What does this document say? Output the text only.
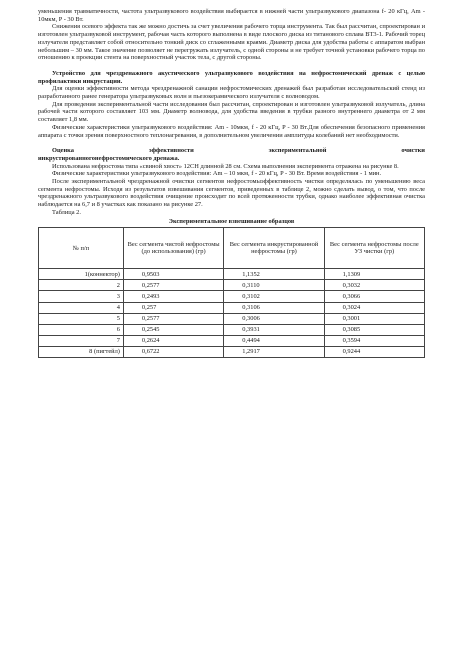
уменьшения травматичности, частота ультразвукового воздействия выбирается в нижней части ультразвукового диапазона f- 20 кГц, Am - 10мкм, P - 30 Вт.

Снижения осевого эффекта так же можно достичь за счет увеличения рабочего торца инструмента. Так был рассчитан, спроектирован и изготовлен ультразвуковой инструмент, рабочая часть которого выполнена в виде плоского диска из титанового сплава ВТ3-1. Рабочий торец излучателя представляет собой относительно тонкий диск со сглаженными краями. Диаметр диска для удобства работы с аппаратом выбран небольшим – 30 мм. Такое значение позволяет не перегружать излучатель, с одной стороны и не требует точной установки рабочего торца по отношению к проекции стента на поверхностный участок тела, с другой стороны.

Устройство для чрездренажного акустического ультразвукового воздействия на нефростомический дренаж с целью профилактики инкрустации.

Для оценки эффективности метода чрездренажной санации нефростомических дренажей был разработан исследовательский стенд из разработанного ранее генератора ультразвуковых волн и пьезокерамического излучателя с волноводом.

Для проведения экспериментальной части исследования был рассчитан, спроектирован и изготовлен ультразвуковой излучатель, длина рабочей части которого составляет 103 мм. Диаметр волновода, для удобства введения в трубки разного внутреннего диаметра от 2 мм составляет 1,8 мм.

Физические характеристики ультразвукового воздействия: Am - 10мкм, f - 20 кГц, P - 30 Вт.Для обеспечения безопасного применения аппарата с точки зрения поверхностного теплонагревания, в дополнительном увеличении амплитуды колебаний нет необходимости.

Оценка	эффективности	экспериментальной	очистки

инкрустированногонефростомического дренажа.

Использована нефростома типа «свиной хвост» 12СН длинной 28 см. Схема выполнения эксперимента отражена на рисунке 8.

Физические характеристики ультразвукового воздействия: Am – 10 мкм, f - 20 кГц, P - 30 Вт. Время воздействия - 1 мин.

После экспериментальной чрездренажной очистки сегментов нефростомыэффективность чистки определялась по уменьшению веса сегмента нефростомы. Исходя из результатов взвешивания сегментов, приведенных в таблице 2, можно сделать вывод, о том, что после чрездренажного ультразвукового воздействия очищение происходит по всей протяженности трубки, однако наиболее эффективная очистка наблюдается на 6,7 и 8 участках как показано на рисунке 27.

Таблица 2.

Экспериментальное взвешивание образцов

№ п/п	Вес сегмента чистой нефростомы (до использования) (гр)	Вес сегмента инкрустированной нефростомы (гр)	Вес сегмента нефростомы после УЗ чистки (гр)
1(коннектор)	0,9503	1,1352	1,1309
2	0,2577	0,3110	0,3032
3	0,2493	0,3102	0,3066
4	0,257	0,3106	0,3024
5	0,2577	0,3006	0,3001
6	0,2545	0,3931	0,3085
7	0,2624	0,4494	0,3594
8 (пигтейл)	0,6722	1,2917	0,9244
